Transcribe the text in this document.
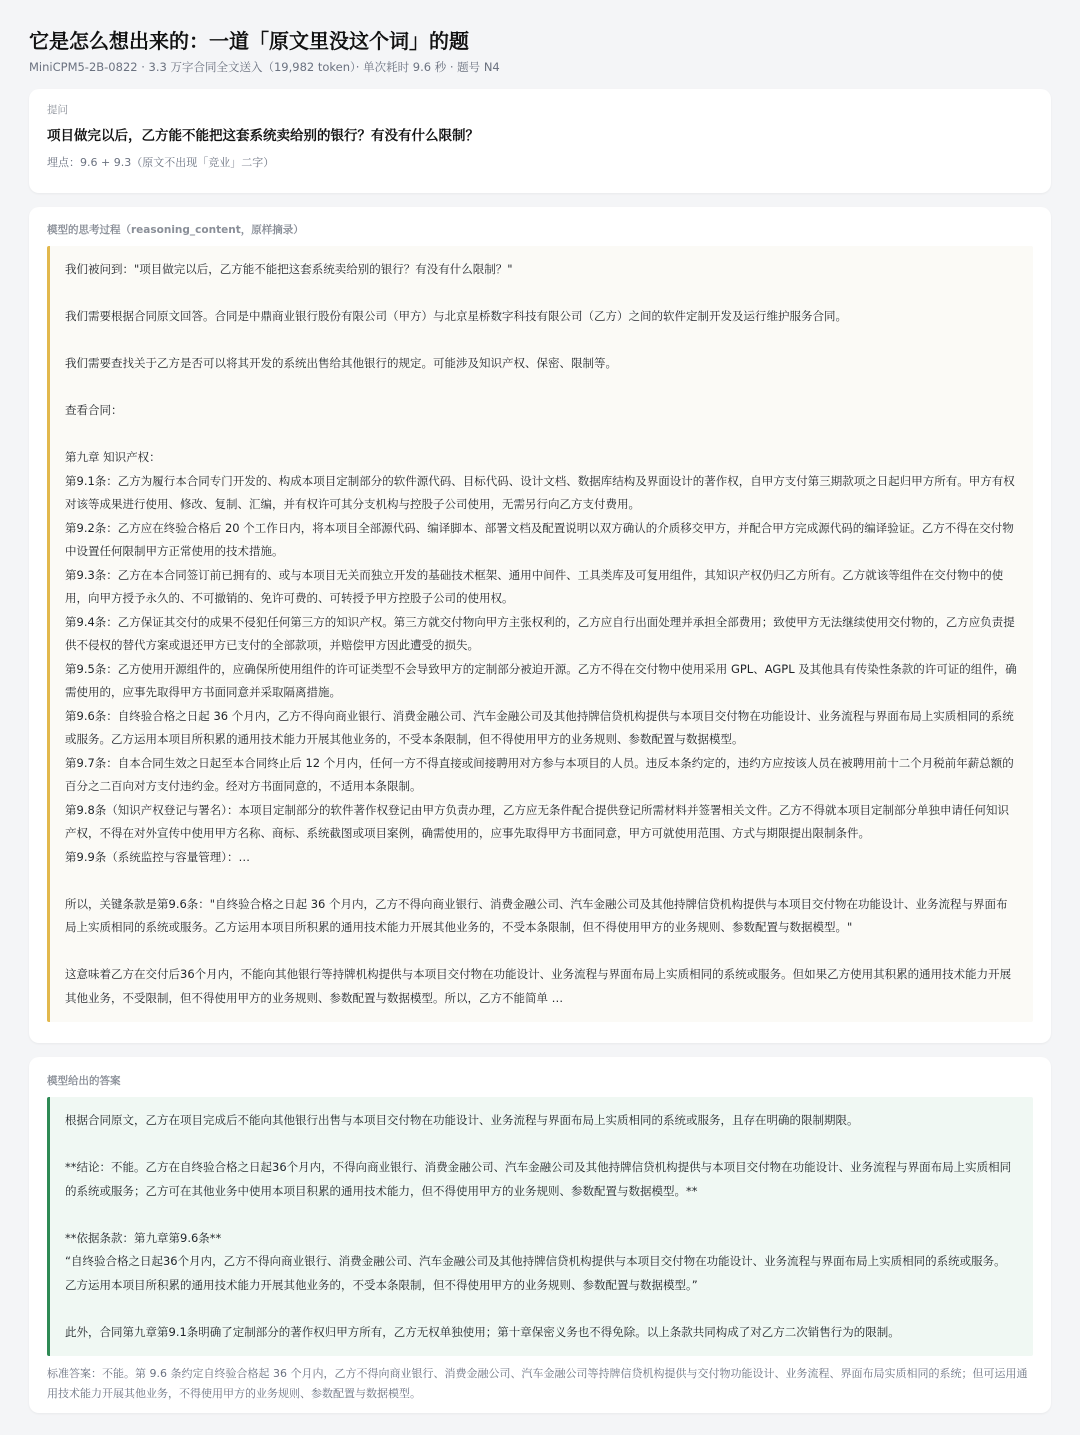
它是怎么想出来的：一道「原文里没这个词」的题
MiniCPM5‑2B‑0822 · 3.3 万字合同全文送入（19,982 token）· 单次耗时 9.6 秒 · 题号 N4
提问
项目做完以后，乙方能不能把这套系统卖给别的银行？有没有什么限制？
埋点：9.6 + 9.3（原文不出现「竞业」二字）
模型的思考过程（reasoning_content，原样摘录）
我们被问到："项目做完以后，乙方能不能把这套系统卖给别的银行？有没有什么限制？"
我们需要根据合同原文回答。合同是中鼎商业银行股份有限公司（甲方）与北京星桥数字科技有限公司（乙方）之间的软件定制开发及运行维护服务合同。
我们需要查找关于乙方是否可以将其开发的系统出售给其他银行的规定。可能涉及知识产权、保密、限制等。
查看合同：
第九章 知识产权：
第9.1条：乙方为履行本合同专门开发的、构成本项目定制部分的软件源代码、目标代码、设计文档、数据库结构及界面设计的著作权，自甲方支付第三期款项之日起归甲方所有。甲方有权对该等成果进行使用、修改、复制、汇编，并有权许可其分支机构与控股子公司使用，无需另行向乙方支付费用。
第9.2条：乙方应在终验合格后 20 个工作日内，将本项目全部源代码、编译脚本、部署文档及配置说明以双方确认的介质移交甲方，并配合甲方完成源代码的编译验证。乙方不得在交付物中设置任何限制甲方正常使用的技术措施。
第9.3条：乙方在本合同签订前已拥有的、或与本项目无关而独立开发的基础技术框架、通用中间件、工具类库及可复用组件，其知识产权仍归乙方所有。乙方就该等组件在交付物中的使用，向甲方授予永久的、不可撤销的、免许可费的、可转授予甲方控股子公司的使用权。
第9.4条：乙方保证其交付的成果不侵犯任何第三方的知识产权。第三方就交付物向甲方主张权利的，乙方应自行出面处理并承担全部费用；致使甲方无法继续使用交付物的，乙方应负责提供不侵权的替代方案或退还甲方已支付的全部款项，并赔偿甲方因此遭受的损失。
第9.5条：乙方使用开源组件的，应确保所使用组件的许可证类型不会导致甲方的定制部分被迫开源。乙方不得在交付物中使用采用 GPL、AGPL 及其他具有传染性条款的许可证的组件，确需使用的，应事先取得甲方书面同意并采取隔离措施。
第9.6条：自终验合格之日起 36 个月内，乙方不得向商业银行、消费金融公司、汽车金融公司及其他持牌信贷机构提供与本项目交付物在功能设计、业务流程与界面布局上实质相同的系统或服务。乙方运用本项目所积累的通用技术能力开展其他业务的，不受本条限制，但不得使用甲方的业务规则、参数配置与数据模型。
第9.7条：自本合同生效之日起至本合同终止后 12 个月内，任何一方不得直接或间接聘用对方参与本项目的人员。违反本条约定的，违约方应按该人员在被聘用前十二个月税前年薪总额的百分之二百向对方支付违约金。经对方书面同意的，不适用本条限制。
第9.8条（知识产权登记与署名）：本项目定制部分的软件著作权登记由甲方负责办理，乙方应无条件配合提供登记所需材料并签署相关文件。乙方不得就本项目定制部分单独申请任何知识产权，不得在对外宣传中使用甲方名称、商标、系统截图或项目案例，确需使用的，应事先取得甲方书面同意，甲方可就使用范围、方式与期限提出限制条件。
第9.9条（系统监控与容量管理）：…
所以，关键条款是第9.6条："自终验合格之日起 36 个月内，乙方不得向商业银行、消费金融公司、汽车金融公司及其他持牌信贷机构提供与本项目交付物在功能设计、业务流程与界面布局上实质相同的系统或服务。乙方运用本项目所积累的通用技术能力开展其他业务的，不受本条限制，但不得使用甲方的业务规则、参数配置与数据模型。"
这意味着乙方在交付后36个月内，不能向其他银行等持牌机构提供与本项目交付物在功能设计、业务流程与界面布局上实质相同的系统或服务。但如果乙方使用其积累的通用技术能力开展其他业务，不受限制，但不得使用甲方的业务规则、参数配置与数据模型。所以，乙方不能简单 …
模型给出的答案
根据合同原文，乙方在项目完成后不能向其他银行出售与本项目交付物在功能设计、业务流程与界面布局上实质相同的系统或服务，且存在明确的限制期限。
**结论：不能。乙方在自终验合格之日起36个月内，不得向商业银行、消费金融公司、汽车金融公司及其他持牌信贷机构提供与本项目交付物在功能设计、业务流程与界面布局上实质相同的系统或服务；乙方可在其他业务中使用本项目积累的通用技术能力，但不得使用甲方的业务规则、参数配置与数据模型。**
**依据条款：第九章第9.6条**
“自终验合格之日起36个月内，乙方不得向商业银行、消费金融公司、汽车金融公司及其他持牌信贷机构提供与本项目交付物在功能设计、业务流程与界面布局上实质相同的系统或服务。乙方运用本项目所积累的通用技术能力开展其他业务的，不受本条限制，但不得使用甲方的业务规则、参数配置与数据模型。”
此外，合同第九章第9.1条明确了定制部分的著作权归甲方所有，乙方无权单独使用；第十章保密义务也不得免除。以上条款共同构成了对乙方二次销售行为的限制。
标准答案：不能。第 9.6 条约定自终验合格起 36 个月内，乙方不得向商业银行、消费金融公司、汽车金融公司等持牌信贷机构提供与交付物功能设计、业务流程、界面布局实质相同的系统；但可运用通用技术能力开展其他业务，不得使用甲方的业务规则、参数配置与数据模型。
